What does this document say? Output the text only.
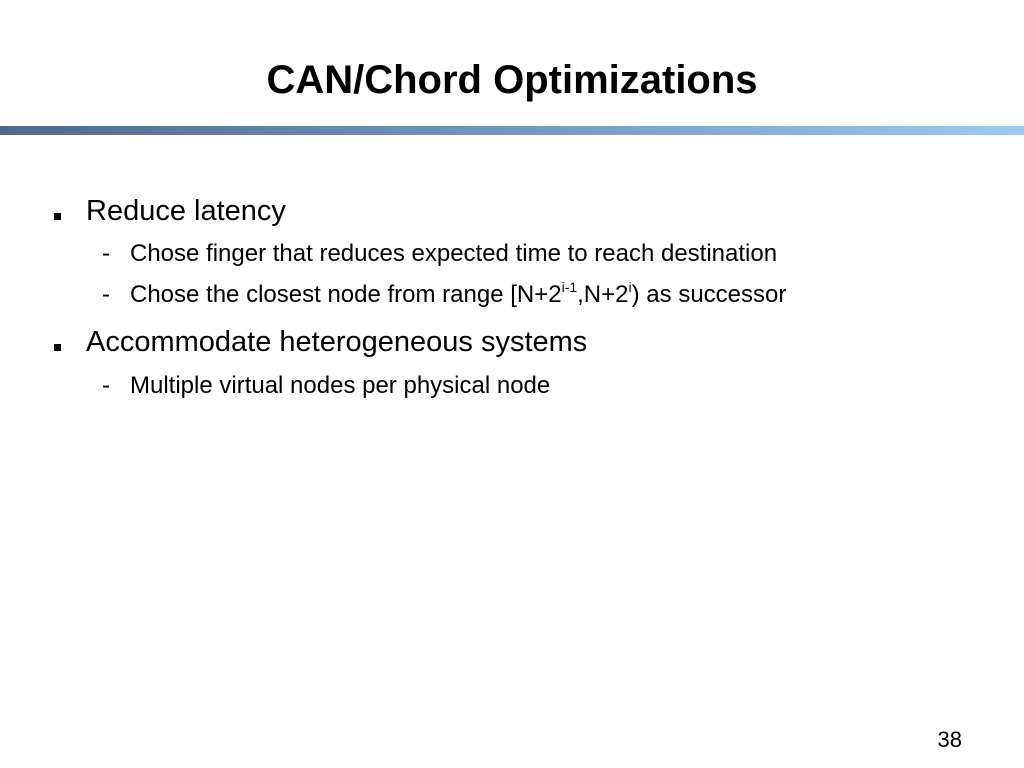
CAN/Chord Optimizations
Reduce latency
- Chose finger that reduces expected time to reach destination
- Chose the closest node from range $[N+2^{i-1},N+2^i)$ as successor
Accommodate heterogeneous systems
- Multiple virtual nodes per physical node
38
